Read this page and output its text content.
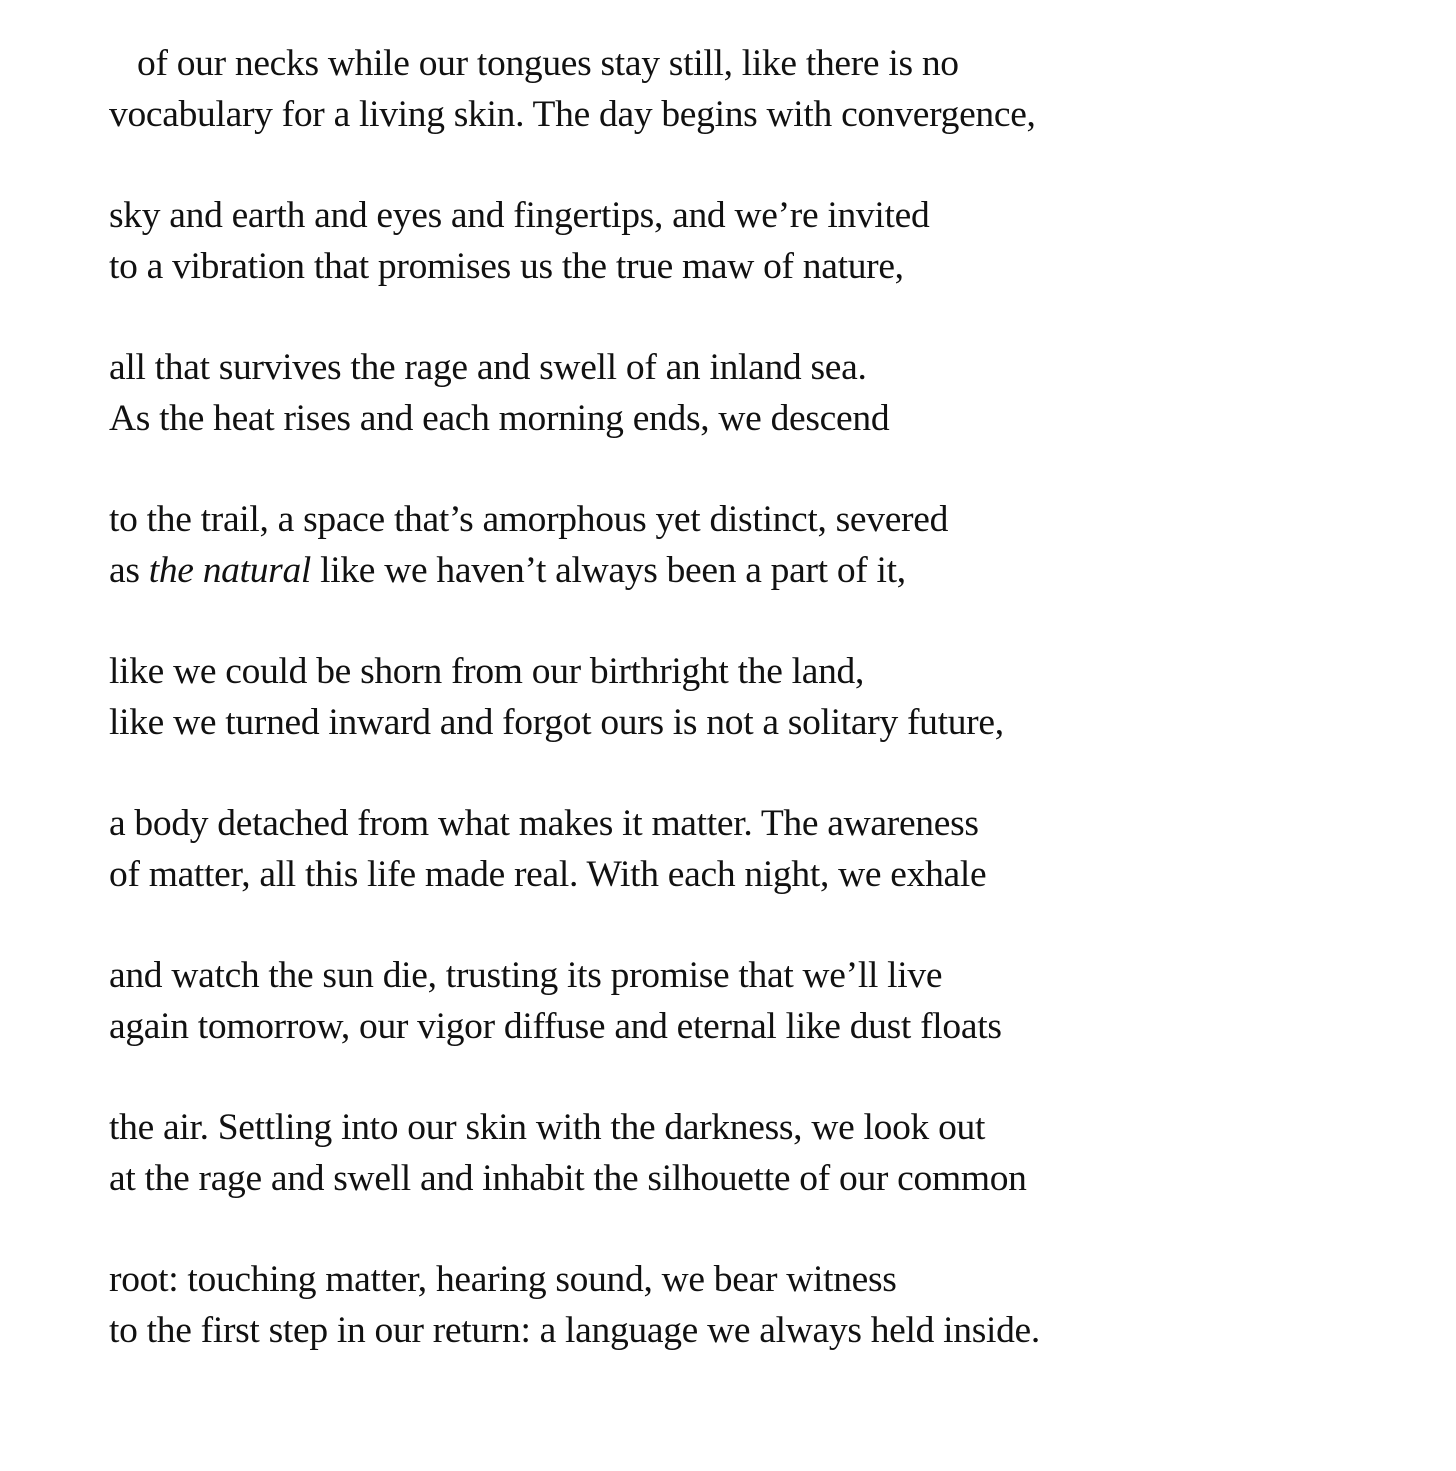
of our necks while our tongues stay still, like there is no
vocabulary for a living skin. The day begins with convergence,
sky and earth and eyes and fingertips, and we’re invited
to a vibration that promises us the true maw of nature,
all that survives the rage and swell of an inland sea.
As the heat rises and each morning ends, we descend
to the trail, a space that’s amorphous yet distinct, severed
as the natural like we haven’t always been a part of it,
like we could be shorn from our birthright the land,
like we turned inward and forgot ours is not a solitary future,
a body detached from what makes it matter. The awareness
of matter, all this life made real. With each night, we exhale
and watch the sun die, trusting its promise that we’ll live
again tomorrow, our vigor diffuse and eternal like dust floats
the air. Settling into our skin with the darkness, we look out
at the rage and swell and inhabit the silhouette of our common
root: touching matter, hearing sound, we bear witness
to the first step in our return: a language we always held inside.
